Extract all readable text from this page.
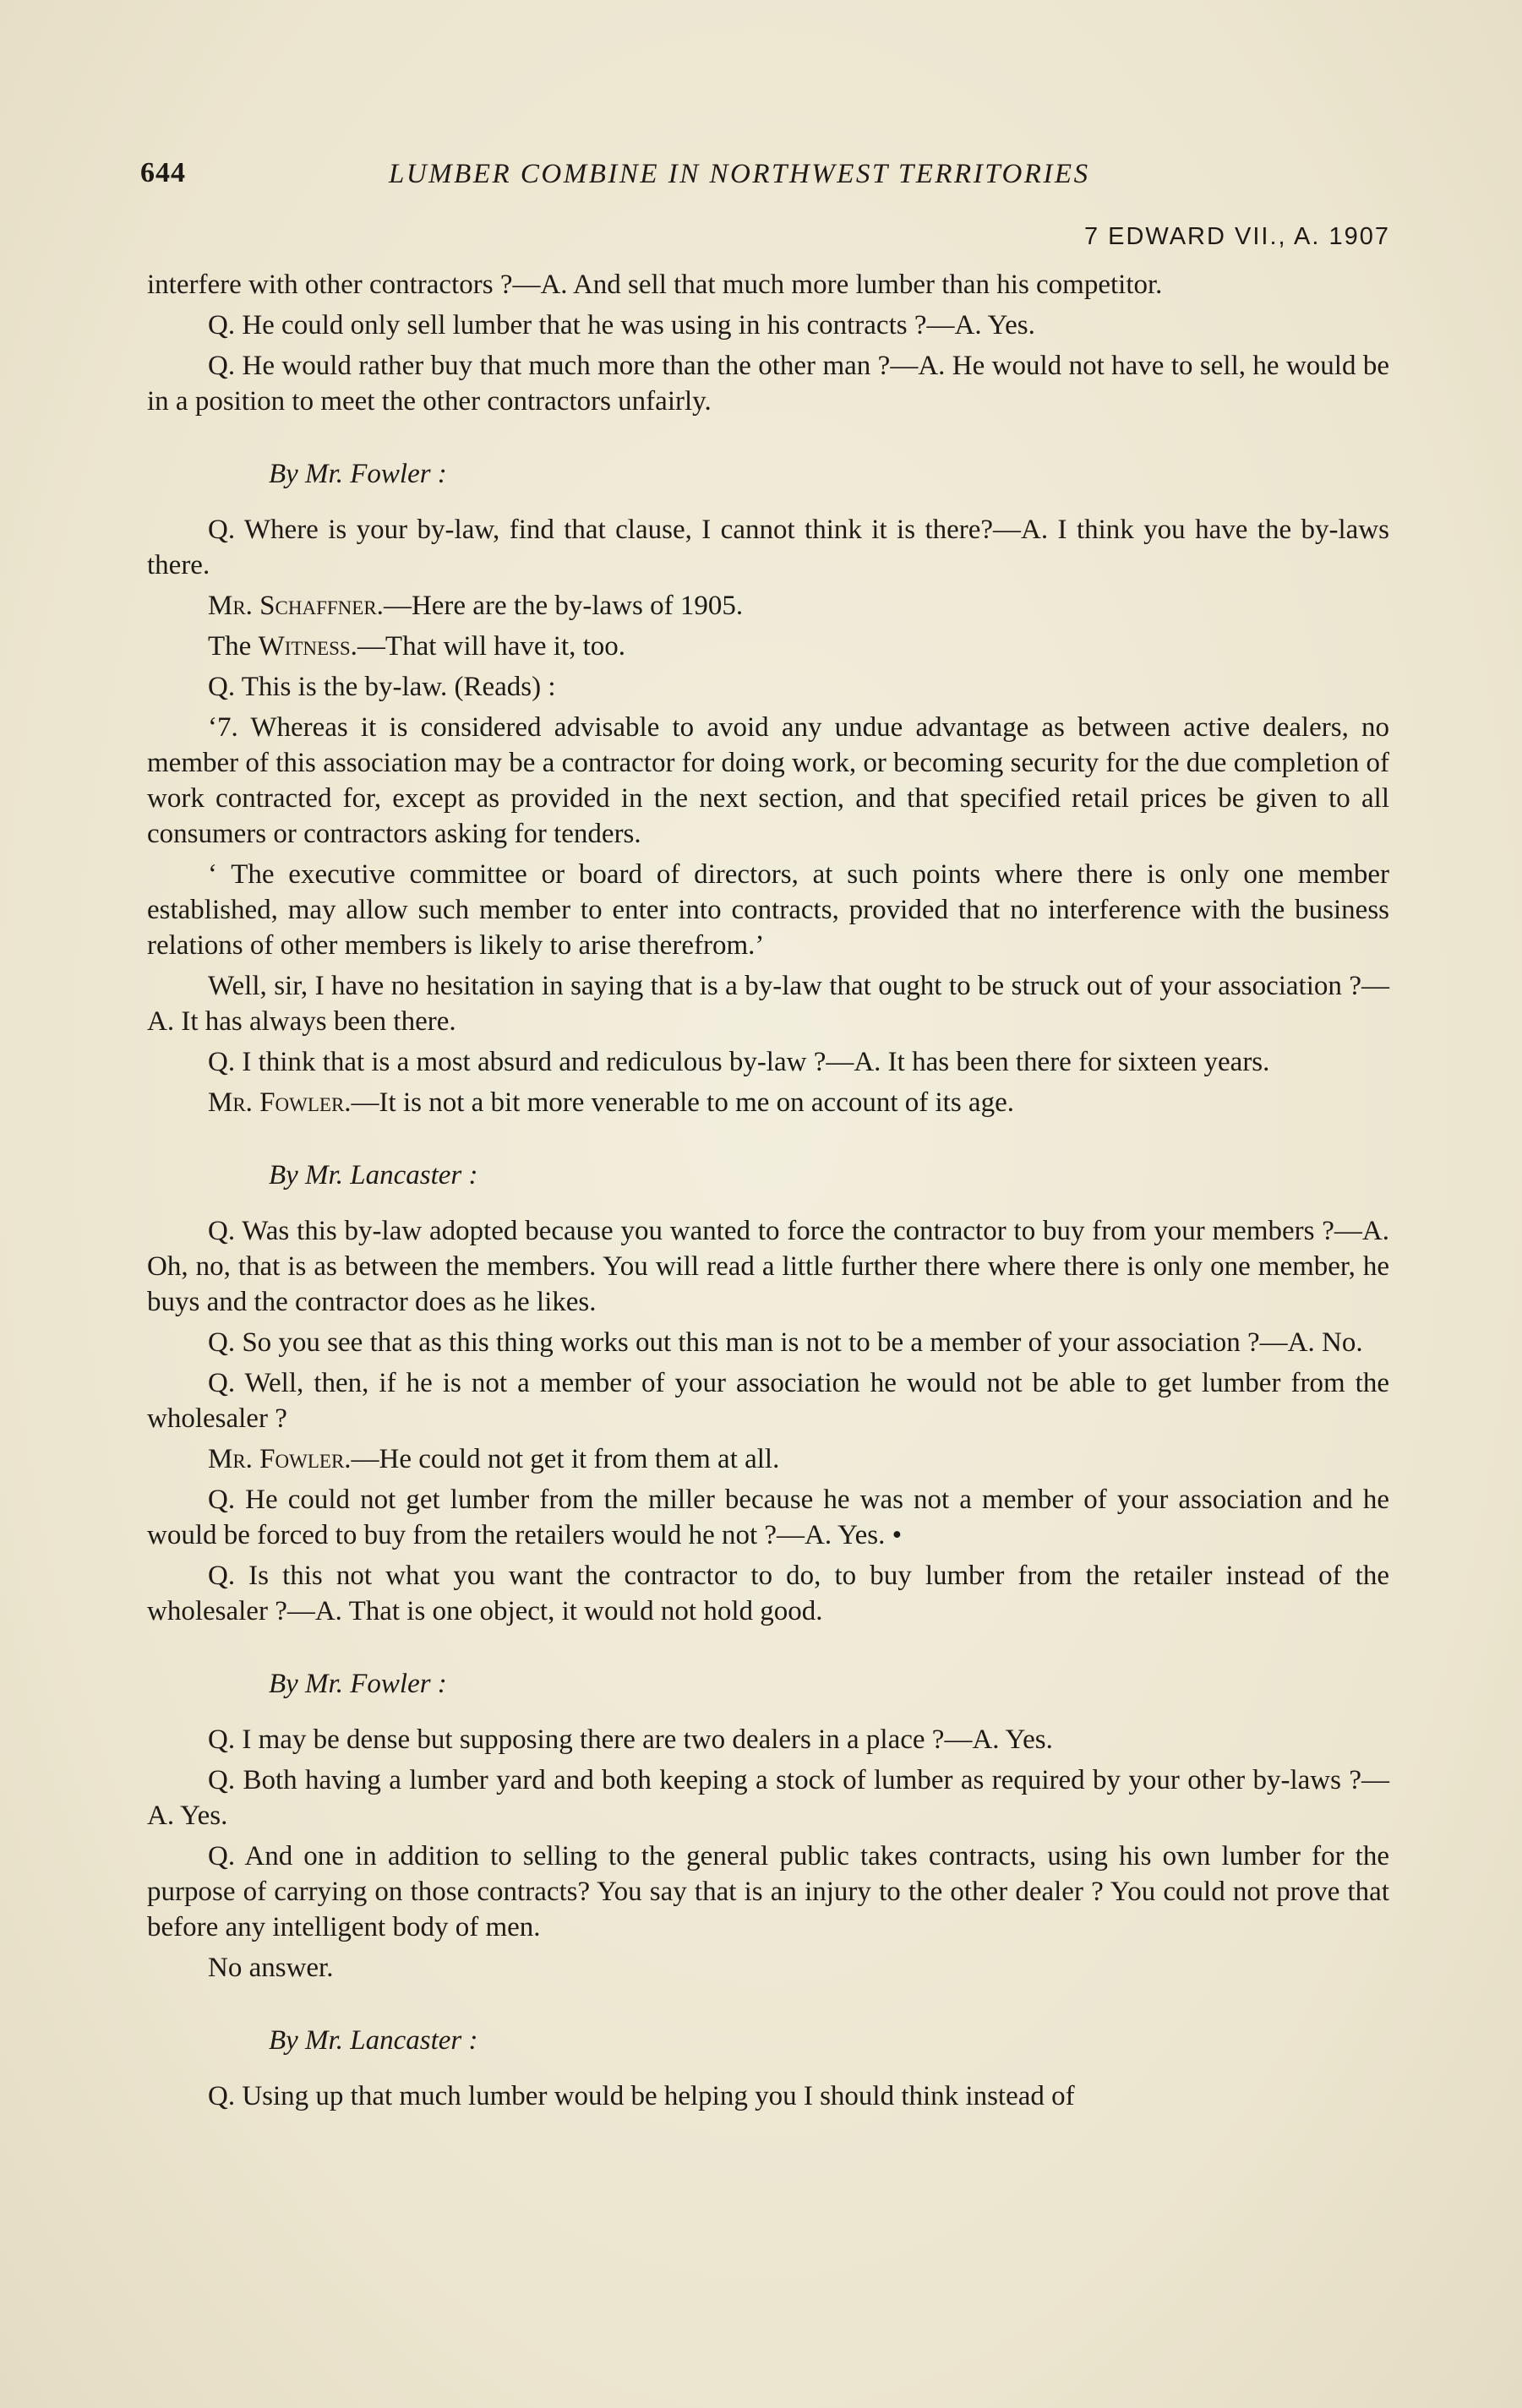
644	LUMBER COMBINE IN NORTHWEST TERRITORIES
7 EDWARD VII., A. 1907

interfere with other contractors ?—A. And sell that much more lumber than his competitor.

Q. He could only sell lumber that he was using in his contracts ?—A. Yes.

Q. He would rather buy that much more than the other man ?—A. He would not have to sell, he would be in a position to meet the other contractors unfairly.

By Mr. Fowler :

Q. Where is your by-law, find that clause, I cannot think it is there?—A. I think you have the by-laws there.

Mr. Schaffner.—Here are the by-laws of 1905.

The Witness.—That will have it, too.

Q. This is the by-law. (Reads) :

‘7. Whereas it is considered advisable to avoid any undue advantage as between active dealers, no member of this association may be a contractor for doing work, or becoming security for the due completion of work contracted for, except as provided in the next section, and that specified retail prices be given to all consumers or contractors asking for tenders.

‘ The executive committee or board of directors, at such points where there is only one member established, may allow such member to enter into contracts, provided that no interference with the business relations of other members is likely to arise therefrom.’

Well, sir, I have no hesitation in saying that is a by-law that ought to be struck out of your association ?—A. It has always been there.

Q. I think that is a most absurd and rediculous by-law ?—A. It has been there for sixteen years.

Mr. Fowler.—It is not a bit more venerable to me on account of its age.

By Mr. Lancaster :

Q. Was this by-law adopted because you wanted to force the contractor to buy from your members ?—A. Oh, no, that is as between the members. You will read a little further there where there is only one member, he buys and the contractor does as he likes.

Q. So you see that as this thing works out this man is not to be a member of your association ?—A. No.

Q. Well, then, if he is not a member of your association he would not be able to get lumber from the wholesaler ?

Mr. Fowler.—He could not get it from them at all.

Q. He could not get lumber from the miller because he was not a member of your association and he would be forced to buy from the retailers would he not ?—A. Yes. •

Q. Is this not what you want the contractor to do, to buy lumber from the retailer instead of the wholesaler ?—A. That is one object, it would not hold good.

By Mr. Fowler :

Q. I may be dense but supposing there are two dealers in a place ?—A. Yes.

Q. Both having a lumber yard and both keeping a stock of lumber as required by your other by-laws ?—A. Yes.

Q. And one in addition to selling to the general public takes contracts, using his own lumber for the purpose of carrying on those contracts? You say that is an injury to the other dealer ? You could not prove that before any intelligent body of men.

No answer.

By Mr. Lancaster :

Q. Using up that much lumber would be helping you I should think instead of
